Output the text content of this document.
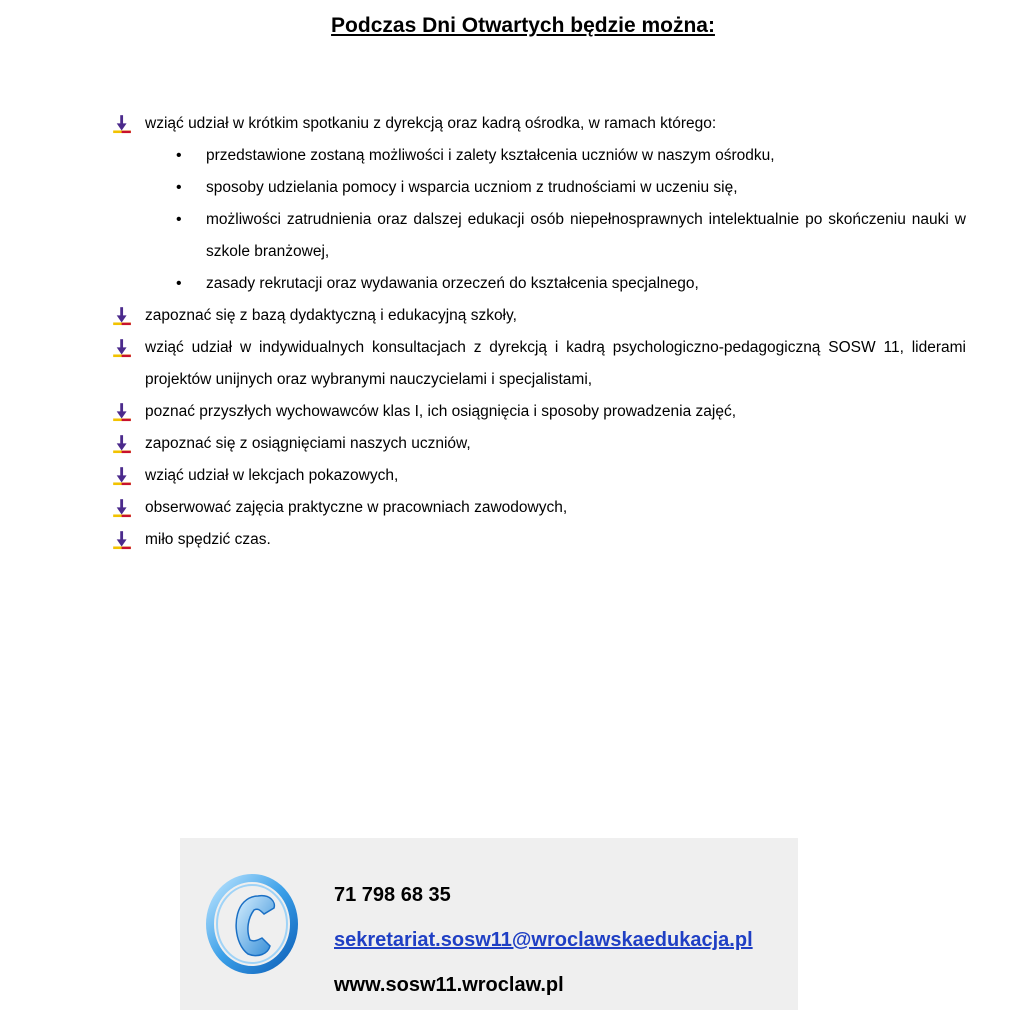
Podczas Dni Otwartych będzie można:
wziąć udział w krótkim spotkaniu z dyrekcją oraz kadrą ośrodka, w ramach którego:
• przedstawione zostaną możliwości i zalety kształcenia uczniów w naszym ośrodku,
• sposoby udzielania pomocy i wsparcia uczniom z trudnościami w uczeniu się,
• możliwości zatrudnienia oraz dalszej edukacji osób niepełnosprawnych intelektualnie po skończeniu nauki w szkole branżowej,
• zasady rekrutacji oraz wydawania orzeczeń do kształcenia specjalnego,
zapoznać się z bazą dydaktyczną i edukacyjną szkoły,
wziąć udział w indywidualnych konsultacjach z dyrekcją i kadrą psychologiczno-pedagogiczną SOSW 11, liderami projektów unijnych oraz wybranymi nauczycielami i specjalistami,
poznać przyszłych wychowawców klas I, ich osiągnięcia i sposoby prowadzenia zajęć,
zapoznać się z osiągnięciami naszych uczniów,
wziąć udział w lekcjach pokazowych,
obserwować zajęcia praktyczne w pracowniach zawodowych,
miło spędzić czas.
71 798 68 35
sekretariat.sosw11@wroclawskaedukacja.pl
www.sosw11.wroclaw.pl
